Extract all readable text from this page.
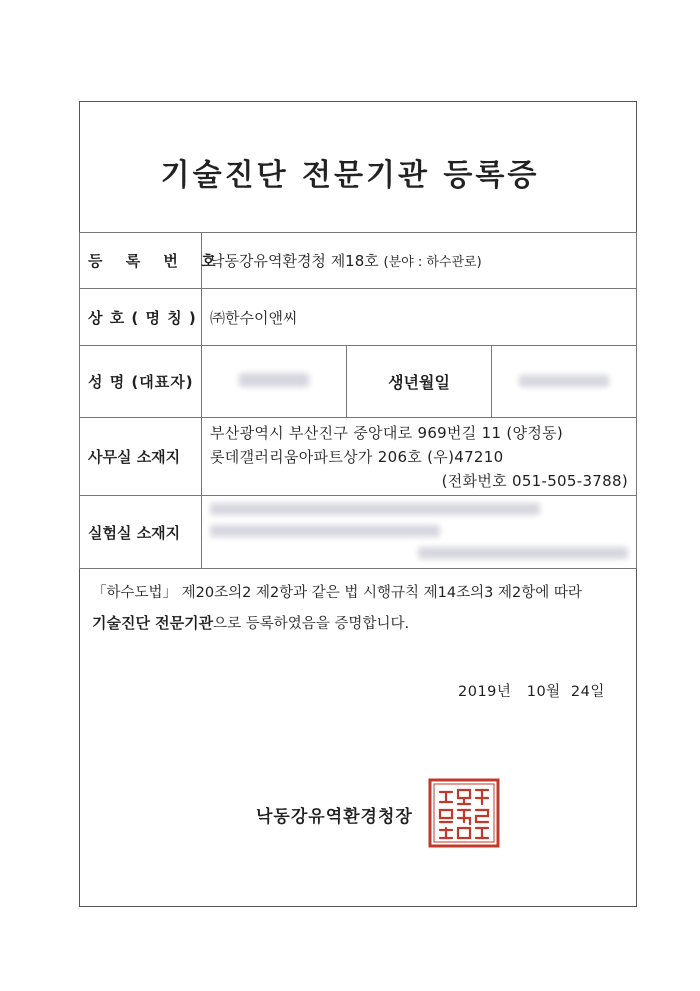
기술진단 전문기관 등록증
등 록 번 호	낙동강유역환경청 제18호 (분야 : 하수관로)		
상 호 ( 명 칭 )	㈜한수이앤씨		
성 명 (대표자)		생년월일	
사무실 소재지	부산광역시 부산진구 중앙대로 969번길 11 (양정동)
롯데갤러리움아파트상가 206호 (우)47210
(전화번호 051-505-3788)		

실험실 소재지			
「하수도법」 제20조의2 제2항과 같은 법 시행규칙 제14조의3 제2항에 따라
기술진단 전문기관으로 등록하였음을 증명합니다.
2019년   10월  24일
낙동강유역환경청장
